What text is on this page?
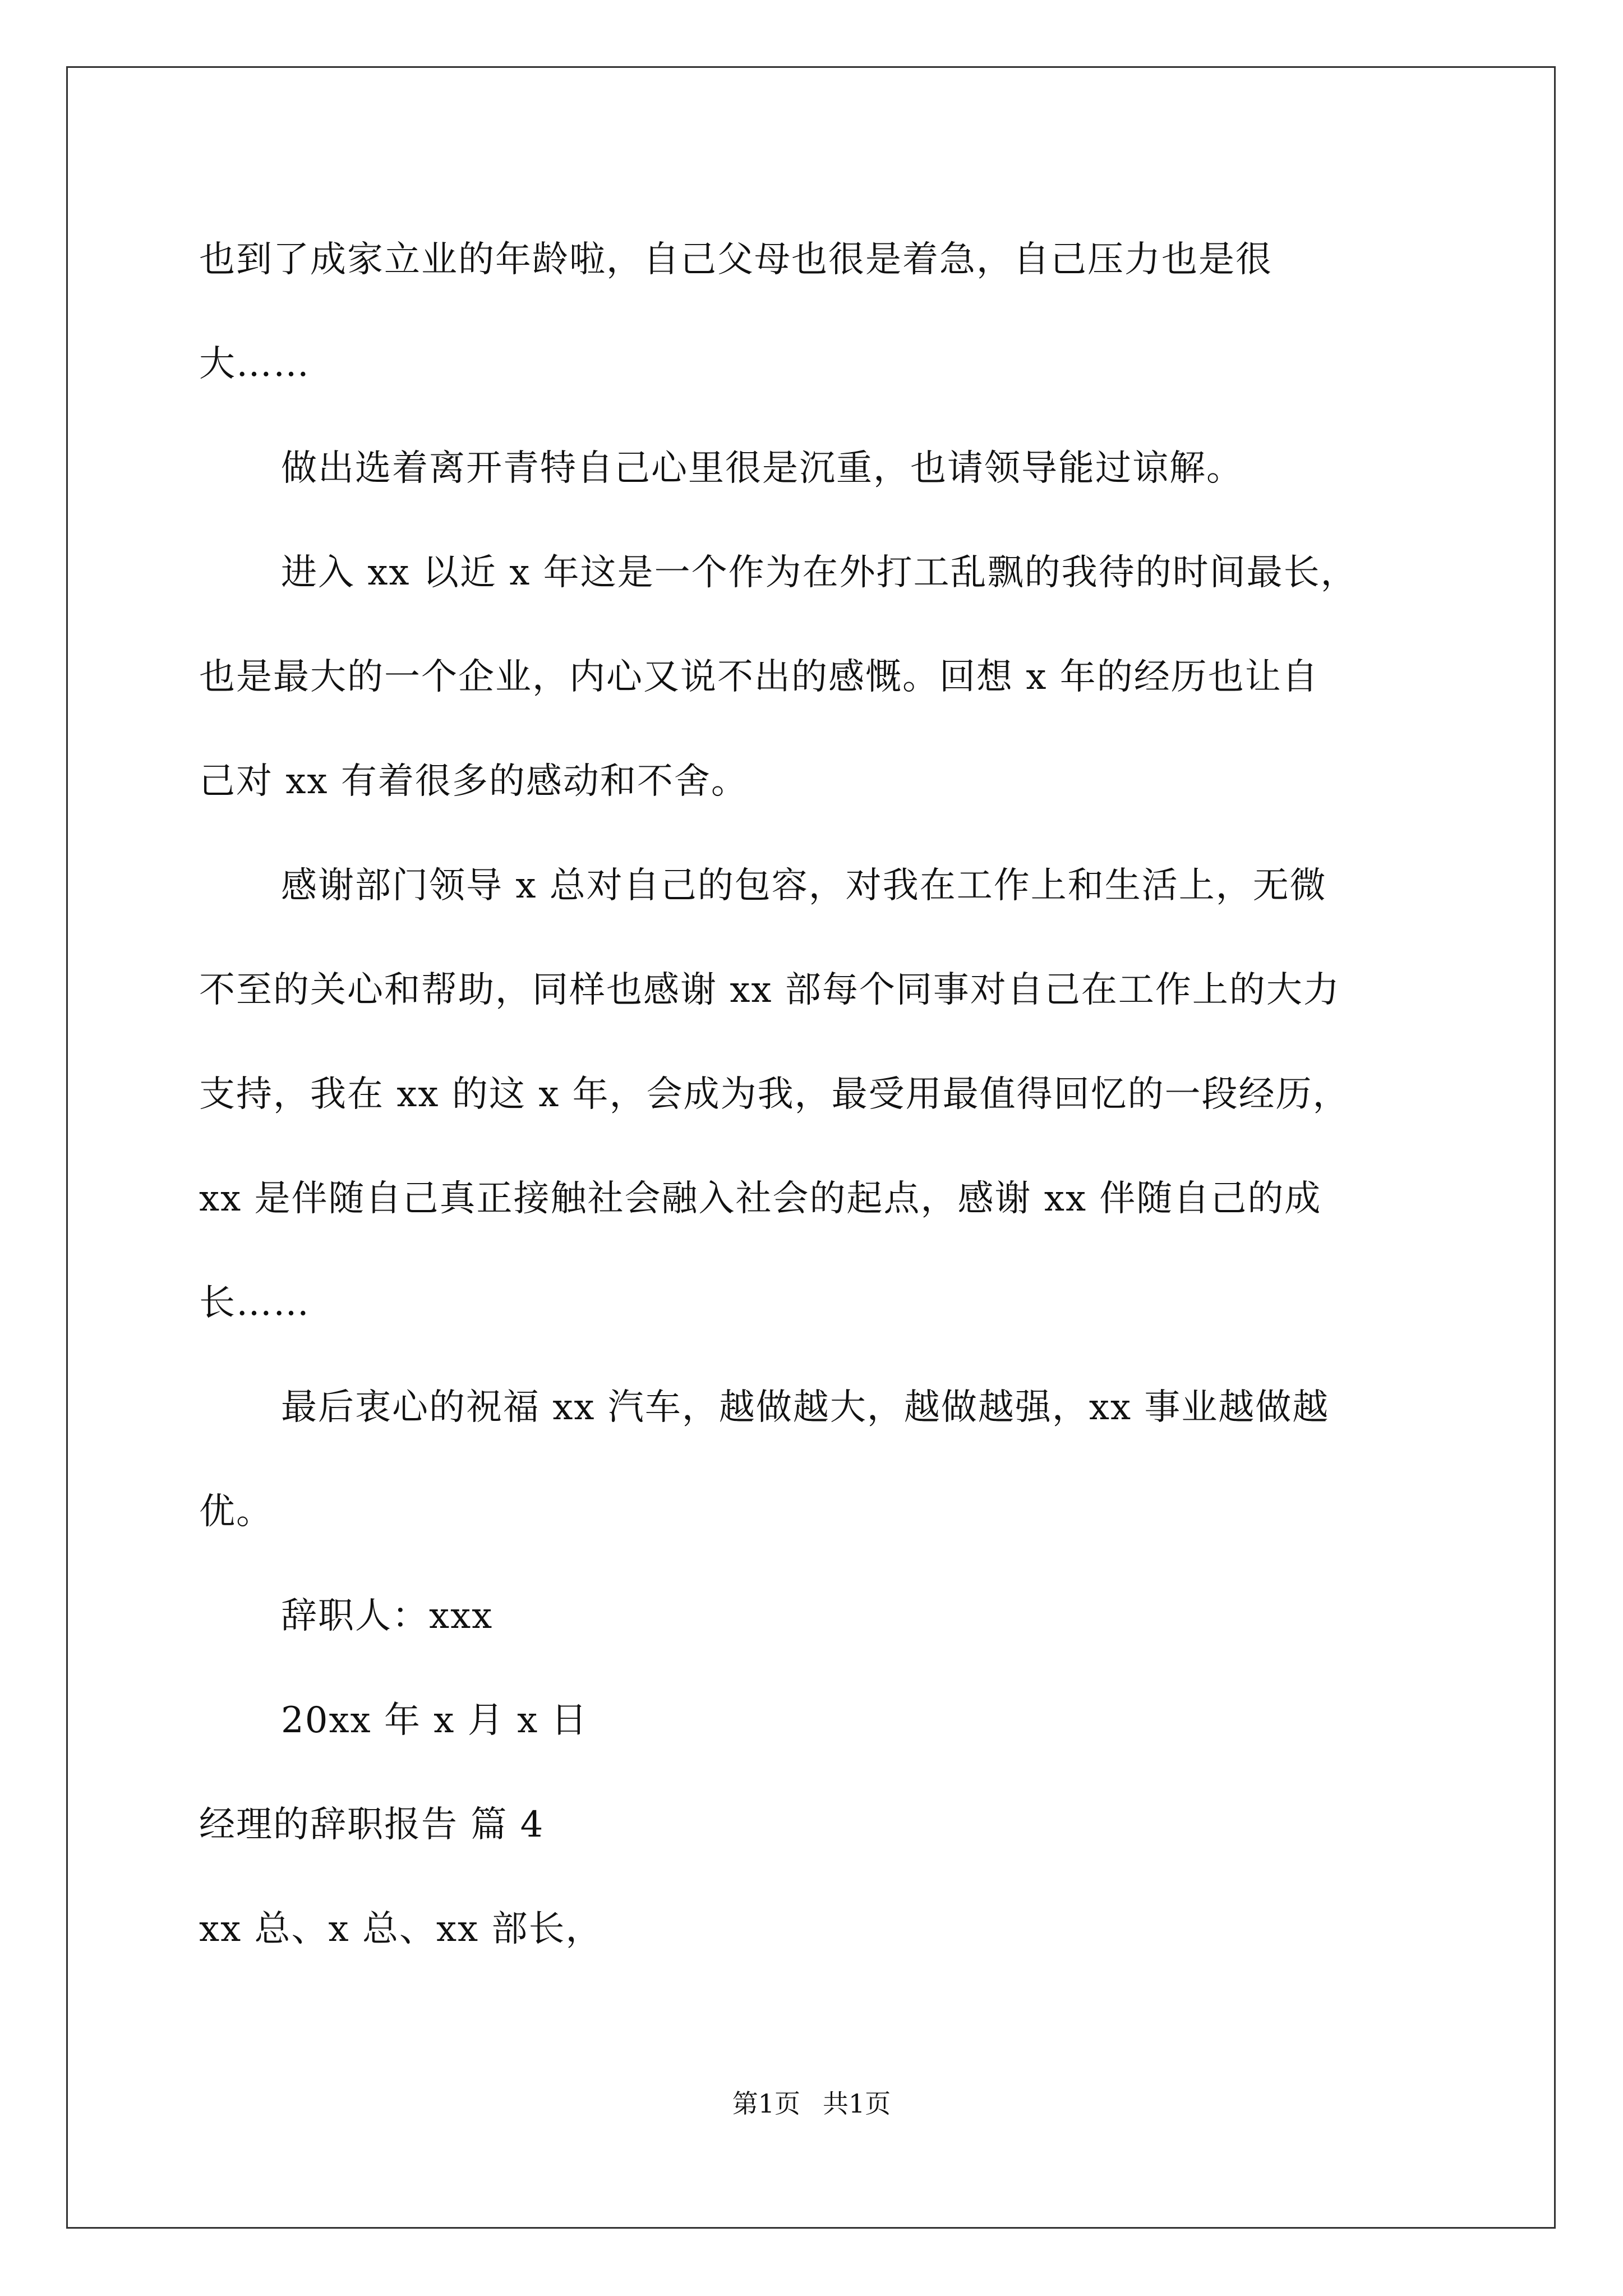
也到了成家立业的年龄啦，自己父母也很是着急，自己压力也是很
大……
做出选着离开青特自己心里很是沉重，也请领导能过谅解。
进入 xx 以近 x 年这是一个作为在外打工乱飘的我待的时间最长，
也是最大的一个企业，内心又说不出的感慨。回想 x 年的经历也让自
己对 xx 有着很多的感动和不舍。
感谢部门领导 x 总对自己的包容，对我在工作上和生活上，无微
不至的关心和帮助，同样也感谢 xx 部每个同事对自己在工作上的大力
支持，我在 xx 的这 x 年，会成为我，最受用最值得回忆的一段经历，
xx 是伴随自己真正接触社会融入社会的起点，感谢 xx 伴随自己的成
长……
最后衷心的祝福 xx 汽车，越做越大，越做越强，xx 事业越做越
优。
辞职人：xxx
20xx 年 x 月 x 日
经理的辞职报告 篇 4
xx 总、x 总、xx 部长，
第1页 共1页
